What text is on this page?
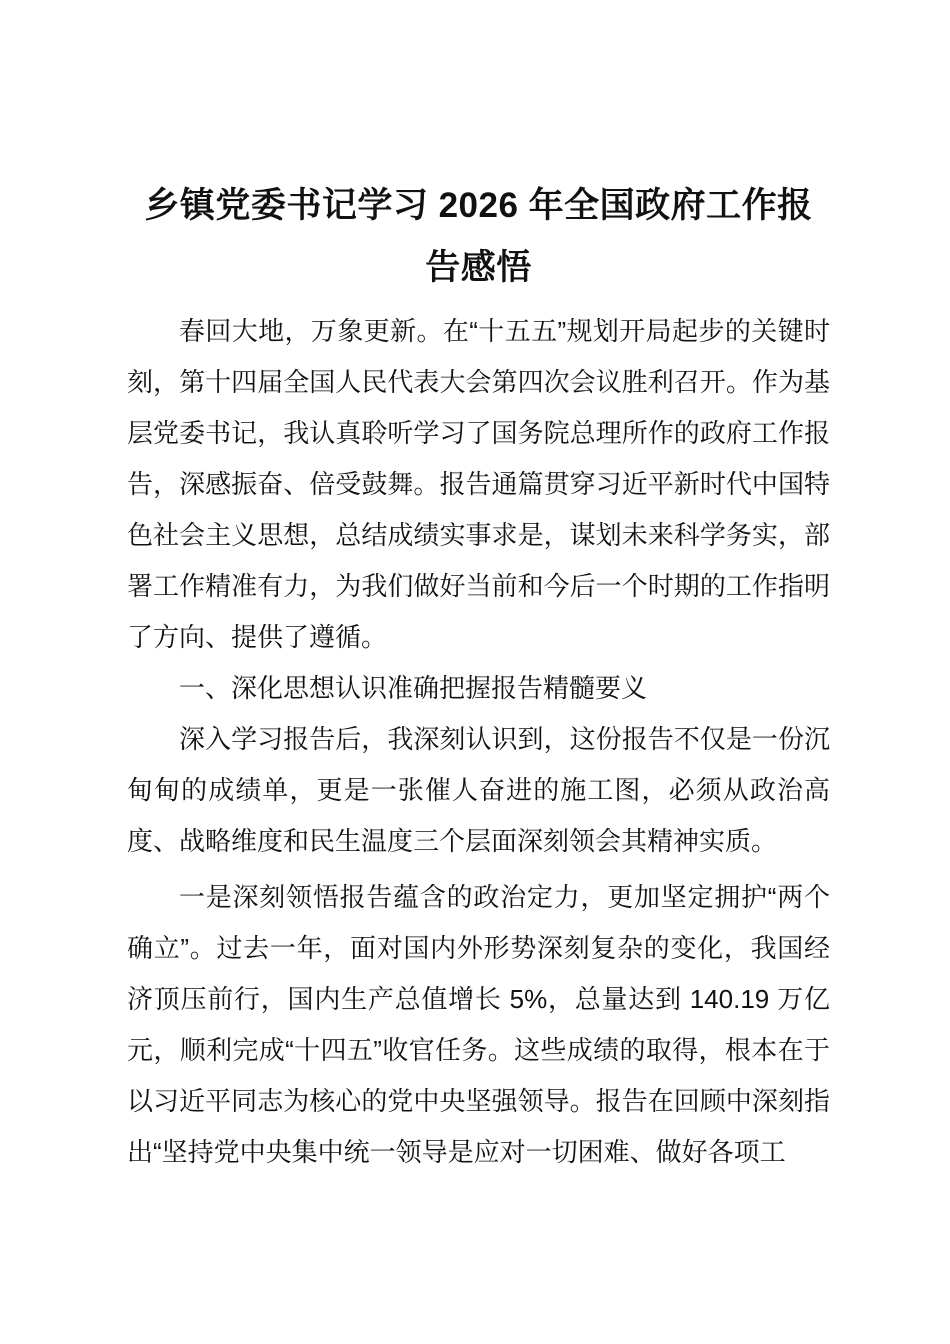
乡镇党委书记学习 2026 年全国政府工作报告感悟

春回大地，万象更新。在“十五五”规划开局起步的关键时刻，第十四届全国人民代表大会第四次会议胜利召开。作为基层党委书记，我认真聆听学习了国务院总理所作的政府工作报告，深感振奋、倍受鼓舞。报告通篇贯穿习近平新时代中国特色社会主义思想，总结成绩实事求是，谋划未来科学务实，部署工作精准有力，为我们做好当前和今后一个时期的工作指明了方向、提供了遵循。

一、深化思想认识准确把握报告精髓要义

深入学习报告后，我深刻认识到，这份报告不仅是一份沉甸甸的成绩单，更是一张催人奋进的施工图，必须从政治高度、战略维度和民生温度三个层面深刻领会其精神实质。

一是深刻领悟报告蕴含的政治定力，更加坚定拥护“两个确立”。过去一年，面对国内外形势深刻复杂的变化，我国经济顶压前行，国内生产总值增长 5%，总量达到 140.19 万亿元，顺利完成“十四五”收官任务。这些成绩的取得，根本在于以习近平同志为核心的党中央坚强领导。报告在回顾中深刻指出“坚持党中央集中统一领导是应对一切困难、做好各项工
